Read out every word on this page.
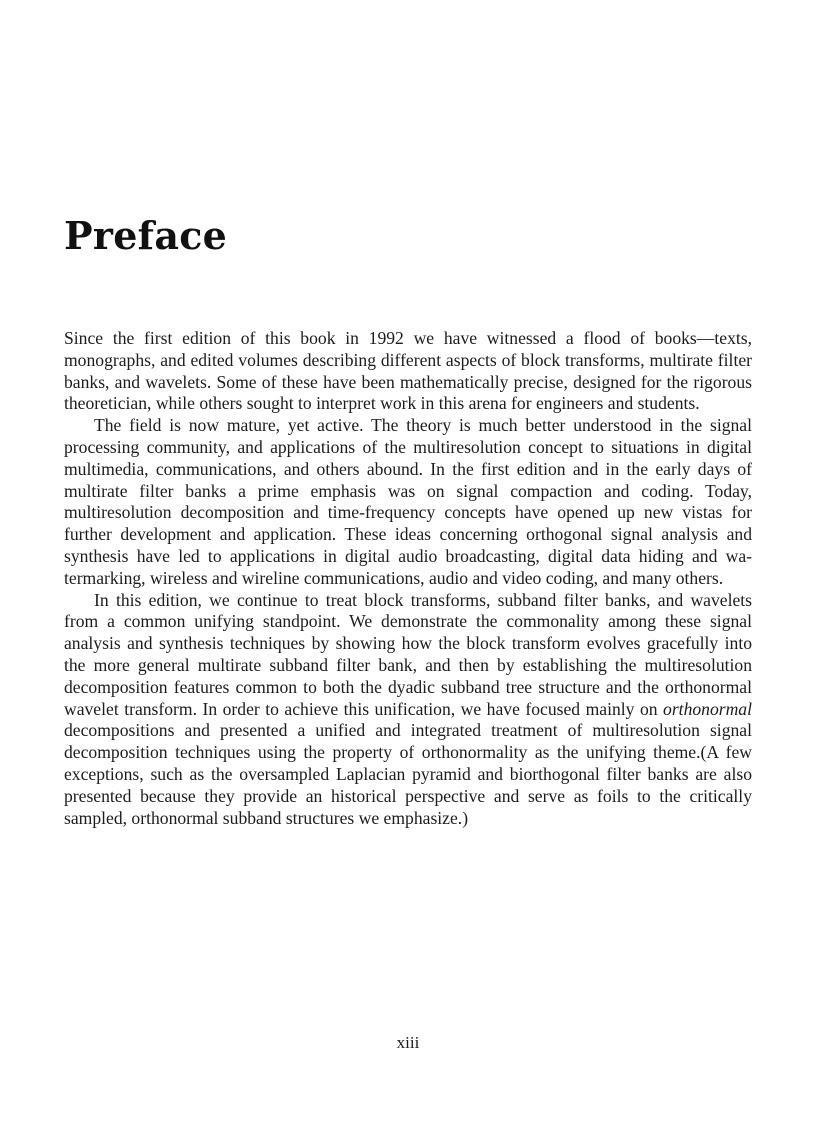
Preface

Since the first edition of this book in 1992 we have witnessed a flood of books—texts, monographs, and edited volumes describing different aspects of block transforms, multirate filter banks, and wavelets. Some of these have been mathematically precise, designed for the rigorous theoretician, while others sought to interpret work in this arena for engineers and students.

The field is now mature, yet active. The theory is much better understood in the signal processing community, and applications of the multiresolution concept to situations in digital multimedia, communications, and others abound. In the first edition and in the early days of multirate filter banks a prime emphasis was on signal compaction and coding. Today, multiresolution decomposition and time-frequency concepts have opened up new vistas for further development and application. These ideas concerning orthogonal signal analysis and synthesis have led to applications in digital audio broadcasting, digital data hiding and watermarking, wireless and wireline communications, audio and video coding, and many others.

In this edition, we continue to treat block transforms, subband filter banks, and wavelets from a common unifying standpoint. We demonstrate the commonality among these signal analysis and synthesis techniques by showing how the block transform evolves gracefully into the more general multirate subband filter bank, and then by establishing the multiresolution decomposition features common to both the dyadic subband tree structure and the orthonormal wavelet transform. In order to achieve this unification, we have focused mainly on orthonormal decompositions and presented a unified and integrated treatment of multiresolution signal decomposition techniques using the property of orthonormality as the unifying theme.(A few exceptions, such as the oversampled Laplacian pyramid and biorthogonal filter banks are also presented because they provide an historical perspective and serve as foils to the critically sampled, orthonormal subband structures we emphasize.)

xiii
